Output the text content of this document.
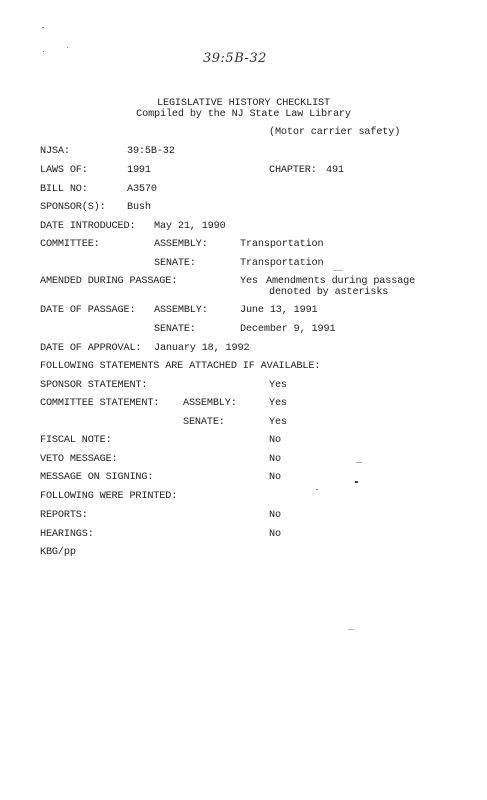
39:5B-32
LEGISLATIVE HISTORY CHECKLIST
Compiled by the NJ State Law Library
(Motor carrier safety)
NJSA:	39:5B-32
LAWS OF:	1991	CHAPTER: 491
BILL NO:	A3570
SPONSOR(S): Bush
DATE INTRODUCED: May 21, 1990
COMMITTEE:	ASSEMBLY:	Transportation
SENATE:	Transportation
AMENDED DURING PASSAGE:	Yes Amendments during passage
denoted by asterisks
DATE OF PASSAGE: ASSEMBLY:	June 13, 1991
SENATE:	December 9, 1991
DATE OF APPROVAL: January 18, 1992
FOLLOWING STATEMENTS ARE ATTACHED IF AVAILABLE:
SPONSOR STATEMENT:	Yes
COMMITTEE STATEMENT: ASSEMBLY:	Yes
SENATE:	Yes
FISCAL NOTE:	No
VETO MESSAGE:	No
MESSAGE ON SIGNING:	No
FOLLOWING WERE PRINTED:
REPORTS:	No
HEARINGS:	No
KBG/pp
